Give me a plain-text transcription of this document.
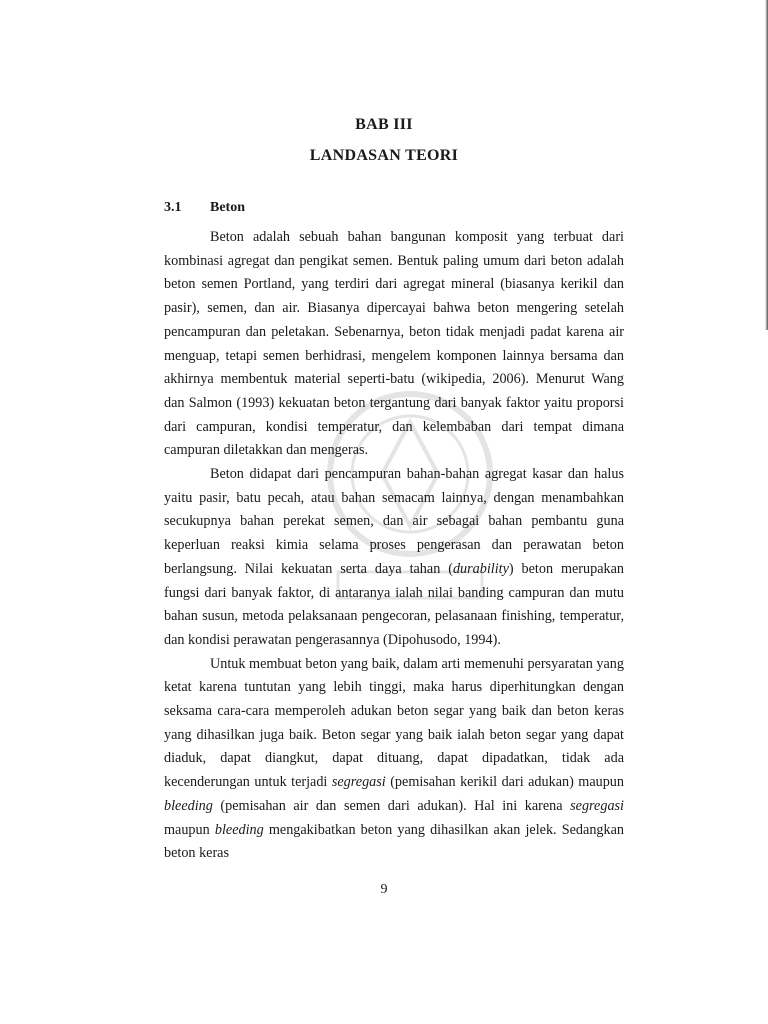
BAB III
LANDASAN TEORI
3.1 Beton

Beton adalah sebuah bahan bangunan komposit yang terbuat dari kombinasi agregat dan pengikat semen. Bentuk paling umum dari beton adalah beton semen Portland, yang terdiri dari agregat mineral (biasanya kerikil dan pasir), semen, dan air. Biasanya dipercayai bahwa beton mengering setelah pencampuran dan peletakan. Sebenarnya, beton tidak menjadi padat karena air menguap, tetapi semen berhidrasi, mengelem komponen lainnya bersama dan akhirnya membentuk material seperti-batu (wikipedia, 2006). Menurut Wang dan Salmon (1993) kekuatan beton tergantung dari banyak faktor yaitu proporsi dari campuran, kondisi temperatur, dan kelembaban dari tempat dimana campuran diletakkan dan mengeras.

Beton didapat dari pencampuran bahan-bahan agregat kasar dan halus yaitu pasir, batu pecah, atau bahan semacam lainnya, dengan menambahkan secukupnya bahan perekat semen, dan air sebagai bahan pembantu guna keperluan reaksi kimia selama proses pengerasan dan perawatan beton berlangsung. Nilai kekuatan serta daya tahan (durability) beton merupakan fungsi dari banyak faktor, di antaranya ialah nilai banding campuran dan mutu bahan susun, metoda pelaksanaan pengecoran, pelasanaan finishing, temperatur, dan kondisi perawatan pengerasannya (Dipohusodo, 1994).

Untuk membuat beton yang baik, dalam arti memenuhi persyaratan yang ketat karena tuntutan yang lebih tinggi, maka harus diperhitungkan dengan seksama cara-cara memperoleh adukan beton segar yang baik dan beton keras yang dihasilkan juga baik. Beton segar yang baik ialah beton segar yang dapat diaduk, dapat diangkut, dapat dituang, dapat dipadatkan, tidak ada kecenderungan untuk terjadi segregasi (pemisahan kerikil dari adukan) maupun bleeding (pemisahan air dan semen dari adukan). Hal ini karena segregasi maupun bleeding mengakibatkan beton yang dihasilkan akan jelek. Sedangkan beton keras

9
